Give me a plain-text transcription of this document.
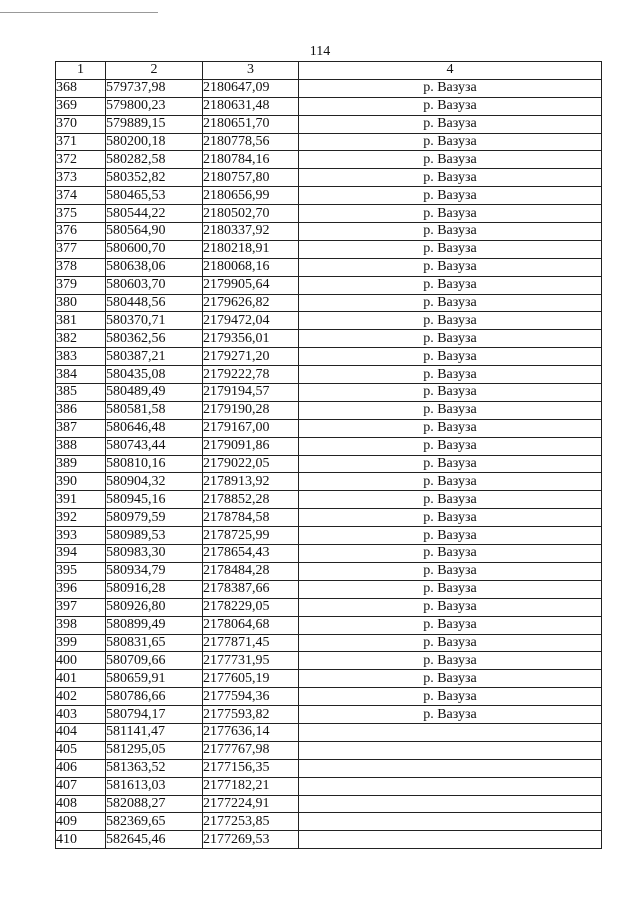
114
1	2	3	4
368	579737,98	2180647,09	р. Вазуза
369	579800,23	2180631,48	р. Вазуза
370	579889,15	2180651,70	р. Вазуза
371	580200,18	2180778,56	р. Вазуза
372	580282,58	2180784,16	р. Вазуза
373	580352,82	2180757,80	р. Вазуза
374	580465,53	2180656,99	р. Вазуза
375	580544,22	2180502,70	р. Вазуза
376	580564,90	2180337,92	р. Вазуза
377	580600,70	2180218,91	р. Вазуза
378	580638,06	2180068,16	р. Вазуза
379	580603,70	2179905,64	р. Вазуза
380	580448,56	2179626,82	р. Вазуза
381	580370,71	2179472,04	р. Вазуза
382	580362,56	2179356,01	р. Вазуза
383	580387,21	2179271,20	р. Вазуза
384	580435,08	2179222,78	р. Вазуза
385	580489,49	2179194,57	р. Вазуза
386	580581,58	2179190,28	р. Вазуза
387	580646,48	2179167,00	р. Вазуза
388	580743,44	2179091,86	р. Вазуза
389	580810,16	2179022,05	р. Вазуза
390	580904,32	2178913,92	р. Вазуза
391	580945,16	2178852,28	р. Вазуза
392	580979,59	2178784,58	р. Вазуза
393	580989,53	2178725,99	р. Вазуза
394	580983,30	2178654,43	р. Вазуза
395	580934,79	2178484,28	р. Вазуза
396	580916,28	2178387,66	р. Вазуза
397	580926,80	2178229,05	р. Вазуза
398	580899,49	2178064,68	р. Вазуза
399	580831,65	2177871,45	р. Вазуза
400	580709,66	2177731,95	р. Вазуза
401	580659,91	2177605,19	р. Вазуза
402	580786,66	2177594,36	р. Вазуза
403	580794,17	2177593,82	р. Вазуза
404	581141,47	2177636,14	
405	581295,05	2177767,98	
406	581363,52	2177156,35	
407	581613,03	2177182,21	
408	582088,27	2177224,91	
409	582369,65	2177253,85	
410	582645,46	2177269,53	
